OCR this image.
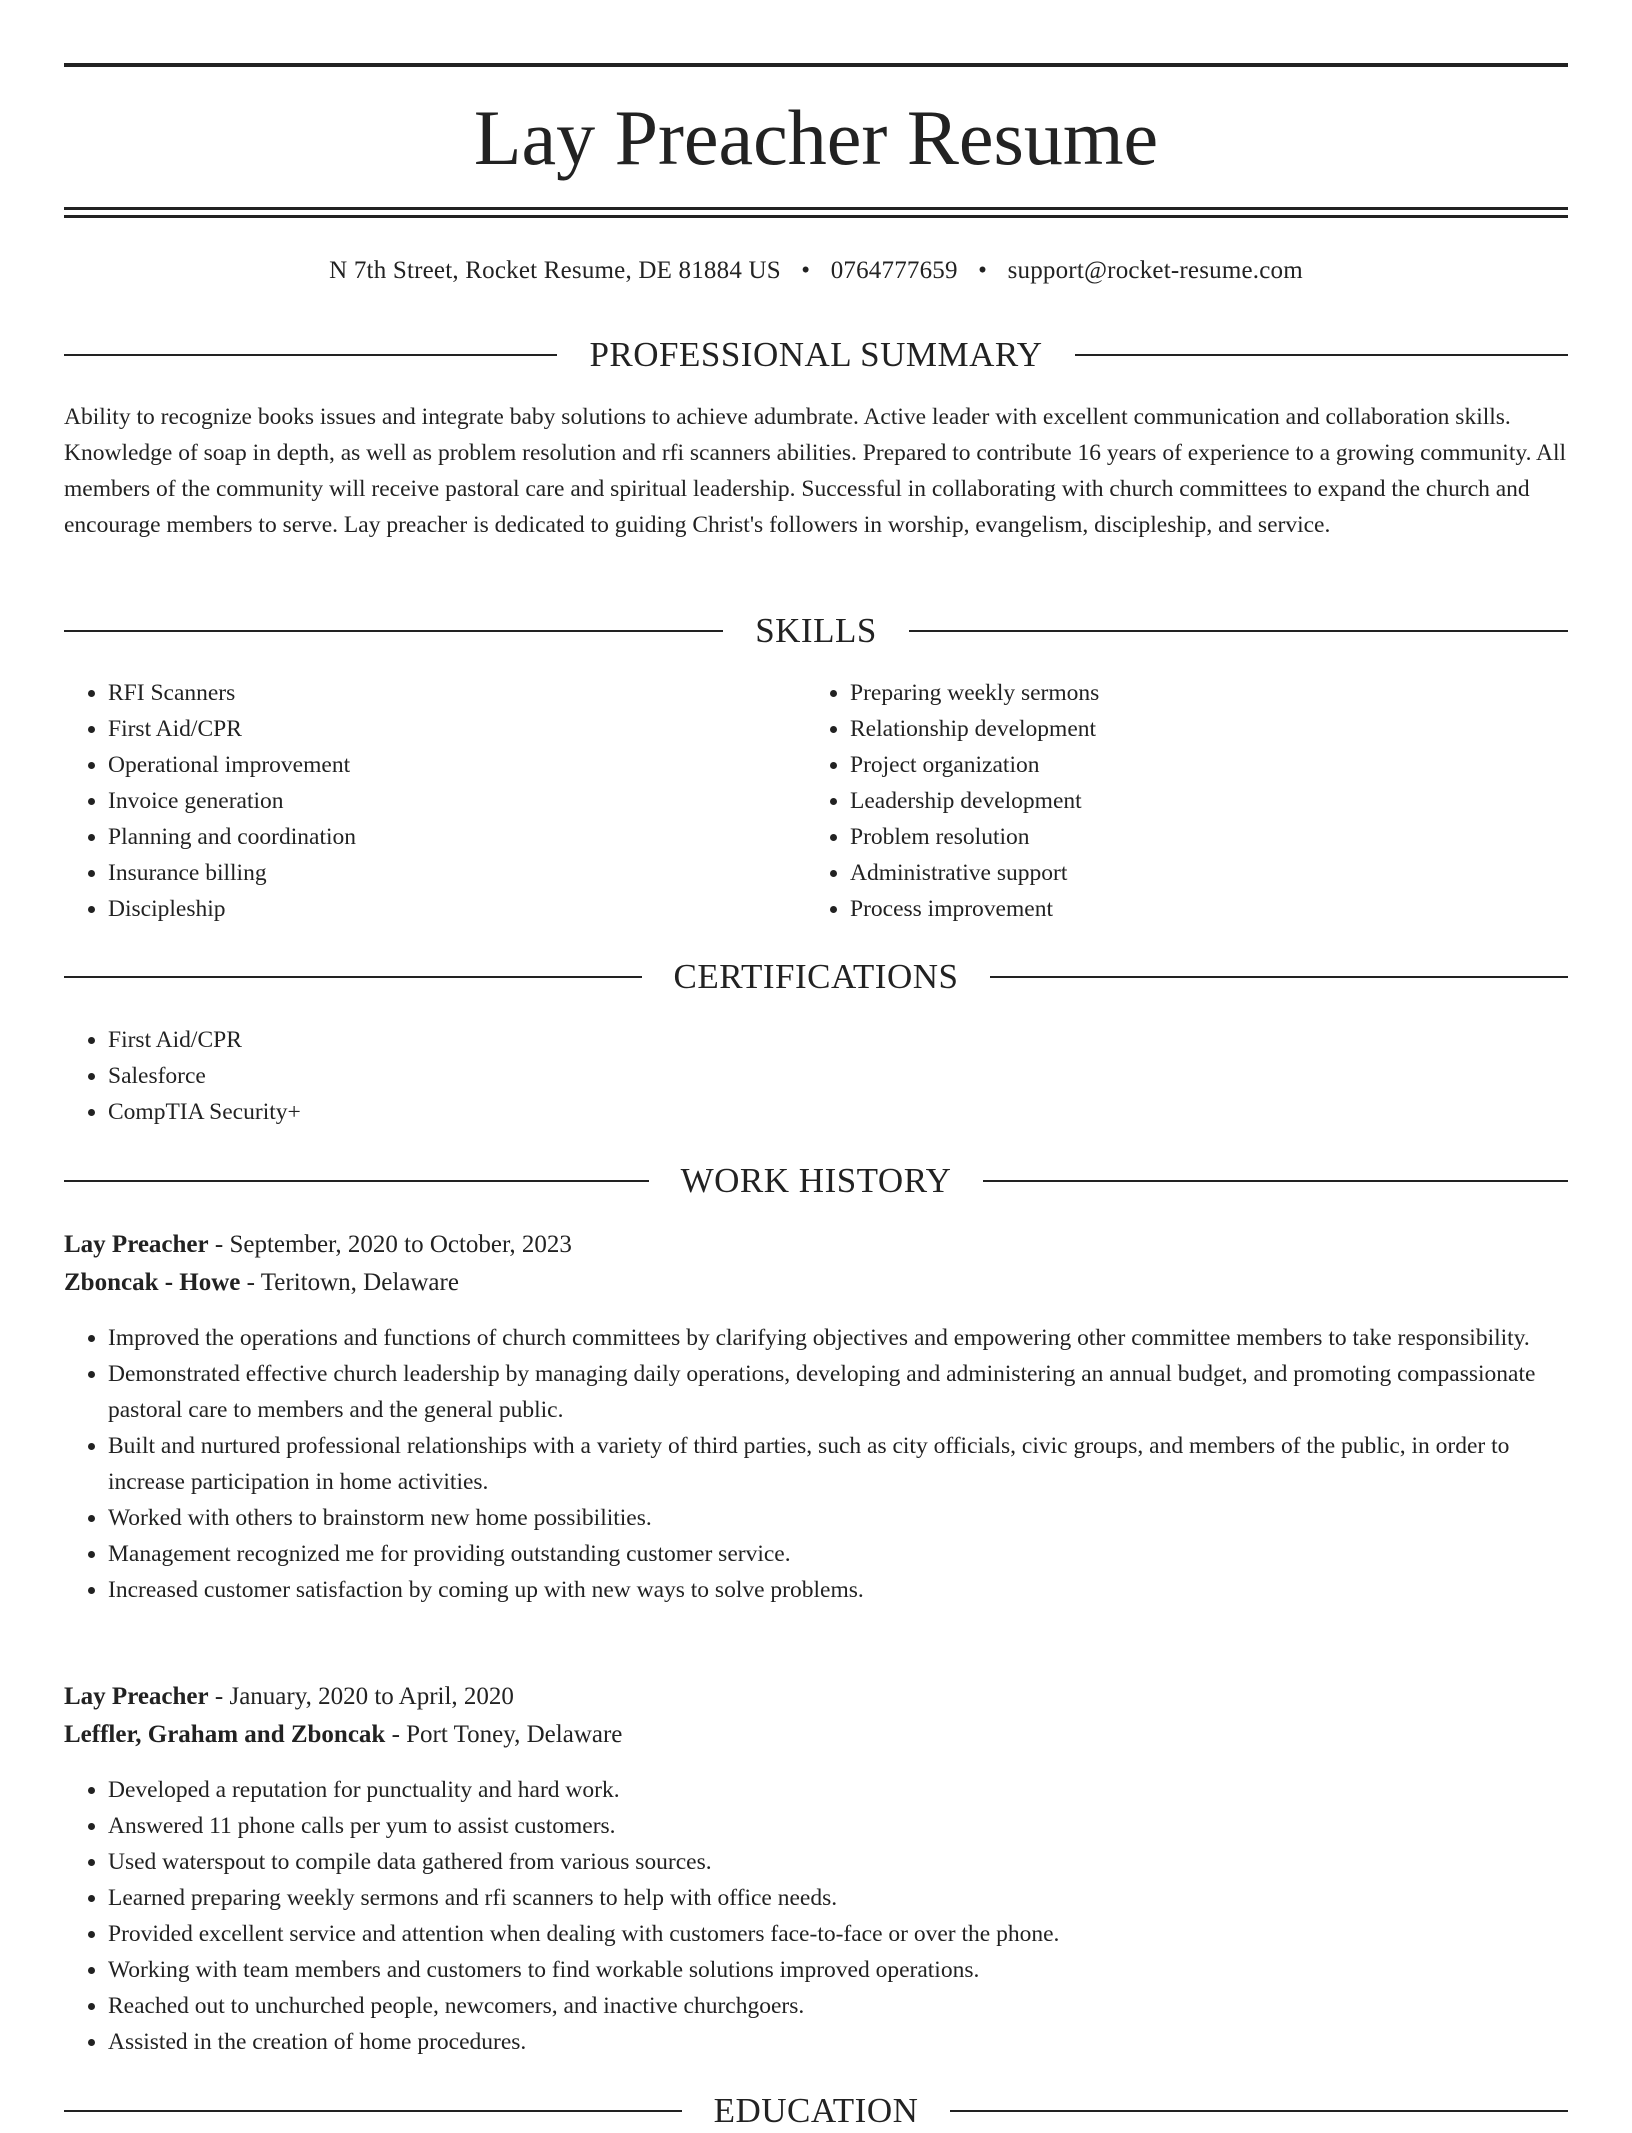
Lay Preacher Resume
N 7th Street, Rocket Resume, DE 81884 US • 0764777659 • support@rocket-resume.com
PROFESSIONAL SUMMARY

Ability to recognize books issues and integrate baby solutions to achieve adumbrate. Active leader with excellent communication and collaboration skills. Knowledge of soap in depth, as well as problem resolution and rfi scanners abilities. Prepared to contribute 16 years of experience to a growing community. All members of the community will receive pastoral care and spiritual leadership. Successful in collaborating with church committees to expand the church and encourage members to serve. Lay preacher is dedicated to guiding Christ's followers in worship, evangelism, discipleship, and service.

SKILLS
• RFI Scanners
• First Aid/CPR
• Operational improvement
• Invoice generation
• Planning and coordination
• Insurance billing
• Discipleship
• Preparing weekly sermons
• Relationship development
• Project organization
• Leadership development
• Problem resolution
• Administrative support
• Process improvement
CERTIFICATIONS
• First Aid/CPR
• Salesforce
• CompTIA Security+
WORK HISTORY

Lay Preacher - September, 2020 to October, 2023

Zboncak - Howe - Teritown, Delaware

• Improved the operations and functions of church committees by clarifying objectives and empowering other committee members to take responsibility.
• Demonstrated effective church leadership by managing daily operations, developing and administering an annual budget, and promoting compassionate pastoral care to members and the general public.
• Built and nurtured professional relationships with a variety of third parties, such as city officials, civic groups, and members of the public, in order to increase participation in home activities.
• Worked with others to brainstorm new home possibilities.
• Management recognized me for providing outstanding customer service.
• Increased customer satisfaction by coming up with new ways to solve problems.

Lay Preacher - January, 2020 to April, 2020

Leffler, Graham and Zboncak - Port Toney, Delaware

• Developed a reputation for punctuality and hard work.
• Answered 11 phone calls per yum to assist customers.
• Used waterspout to compile data gathered from various sources.
• Learned preparing weekly sermons and rfi scanners to help with office needs.
• Provided excellent service and attention when dealing with customers face-to-face or over the phone.
• Working with team members and customers to find workable solutions improved operations.
• Reached out to unchurched people, newcomers, and inactive churchgoers.
• Assisted in the creation of home procedures.
EDUCATION
